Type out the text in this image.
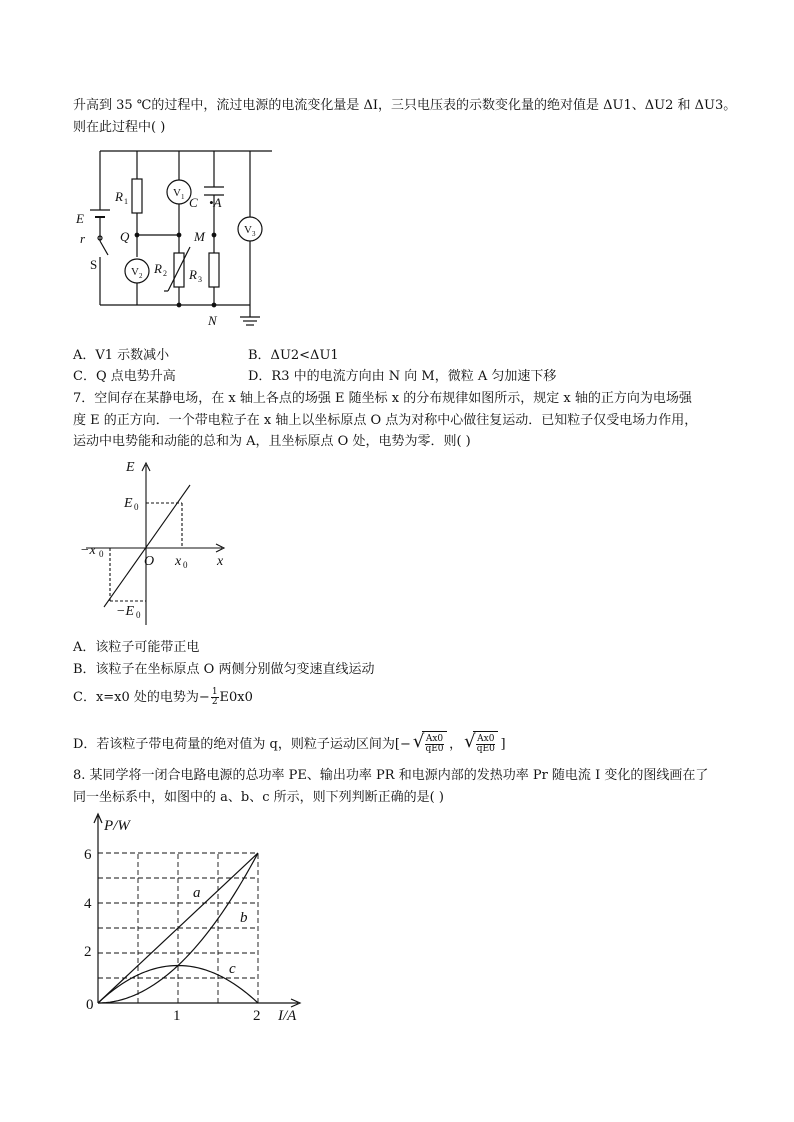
升高到 35 ℃的过程中，流过电源的电流变化量是 ΔI，三只电压表的示数变化量的绝对值是 ΔU1、ΔU2 和 ΔU3。
则在此过程中( )
E
r
S
R 1
Q
V 1
V 2
V 3
C •A
M
R 2 R 3
N
A．V1 示数减小	B．ΔU2<ΔU1
C．Q 点电势升高	D．R3 中的电流方向由 N 向 M，微粒 A 匀加速下移
7．空间存在某静电场，在 x 轴上各点的场强 E 随坐标 x 的分布规律如图所示，规定 x 轴的正方向为电场强
度 E 的正方向．一个带电粒子在 x 轴上以坐标原点 O 点为对称中心做往复运动．已知粒子仅受电场力作用，
运动中电势能和动能的总和为 A，且坐标原点 O 处，电势为零．则( )
E
E 0
−E 0
x
x 0
−x 0	O
A．该粒子可能带正电
B．该粒子在坐标原点 O 两侧分别做匀变速直线运动
C．x=x0 处的电势为− $\frac{1}{2} E0x0$
D．若该粒子带电荷量的绝对值为 q，则粒子运动区间为[− √ $\frac{Ax0}{qE0}$ ， √ $\frac{Ax0}{qE0}$ ]
8. 某同学将一闭合电路电源的总功率 PE、输出功率 PR 和电源内部的发热功率 Pr 随电流 I 变化的图线画在了
同一坐标系中，如图中的 a、b、c 所示，则下列判断正确的是( )
P/W
I/A
6
4
2
0
1	2
a
b
c
